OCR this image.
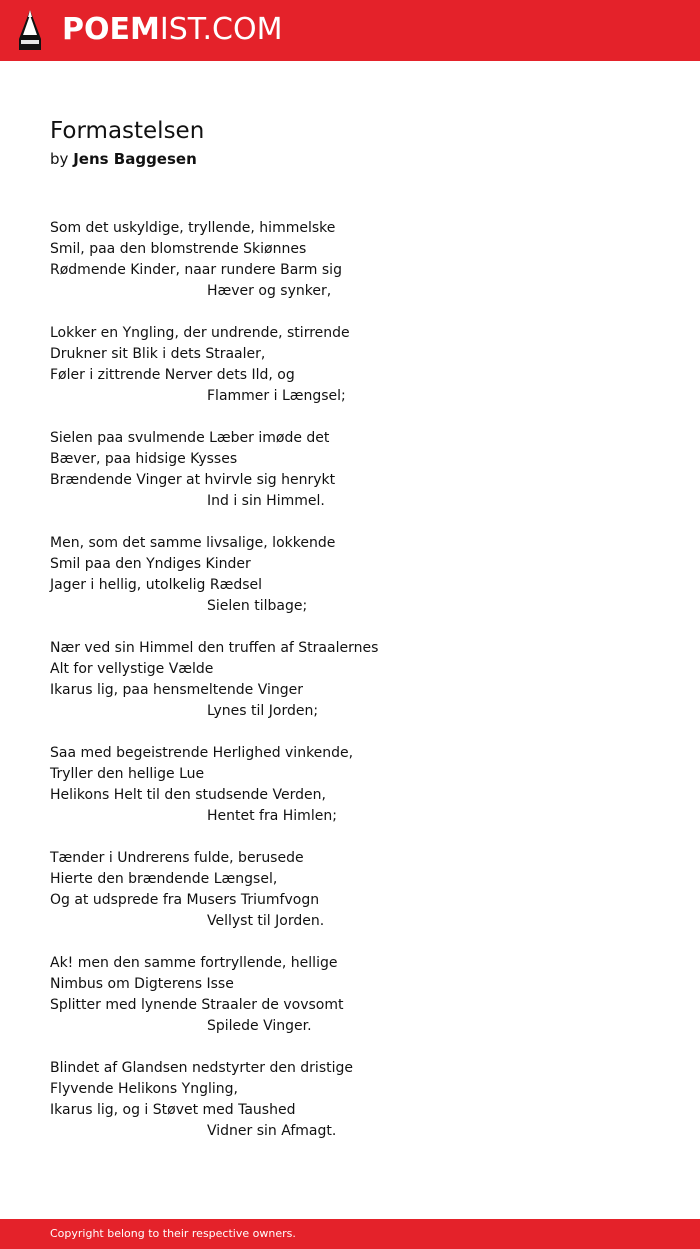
POEMIST.COM
Formastelsen
by Jens Baggesen
Som det uskyldige, tryllende, himmelske
Smil, paa den blomstrende Skiønnes
Rødmende Kinder, naar rundere Barm sig
Hæver og synker,
Lokker en Yngling, der undrende, stirrende
Drukner sit Blik i dets Straaler,
Føler i zittrende Nerver dets Ild, og
Flammer i Længsel;
Sielen paa svulmende Læber imøde det
Bæver, paa hidsige Kysses
Brændende Vinger at hvirvle sig henrykt
Ind i sin Himmel.
Men, som det samme livsalige, lokkende
Smil paa den Yndiges Kinder
Jager i hellig, utolkelig Rædsel
Sielen tilbage;
Nær ved sin Himmel den truffen af Straalernes
Alt for vellystige Vælde
Ikarus lig, paa hensmeltende Vinger
Lynes til Jorden;
Saa med begeistrende Herlighed vinkende,
Tryller den hellige Lue
Helikons Helt til den studsende Verden,
Hentet fra Himlen;
Tænder i Undrerens fulde, berusede
Hierte den brændende Længsel,
Og at udsprede fra Musers Triumfvogn
Vellyst til Jorden.
Ak! men den samme fortryllende, hellige
Nimbus om Digterens Isse
Splitter med lynende Straaler de vovsomt
Spilede Vinger.
Blindet af Glandsen nedstyrter den dristige
Flyvende Helikons Yngling,
Ikarus lig, og i Støvet med Taushed
Vidner sin Afmagt.
Copyright belong to their respective owners.
